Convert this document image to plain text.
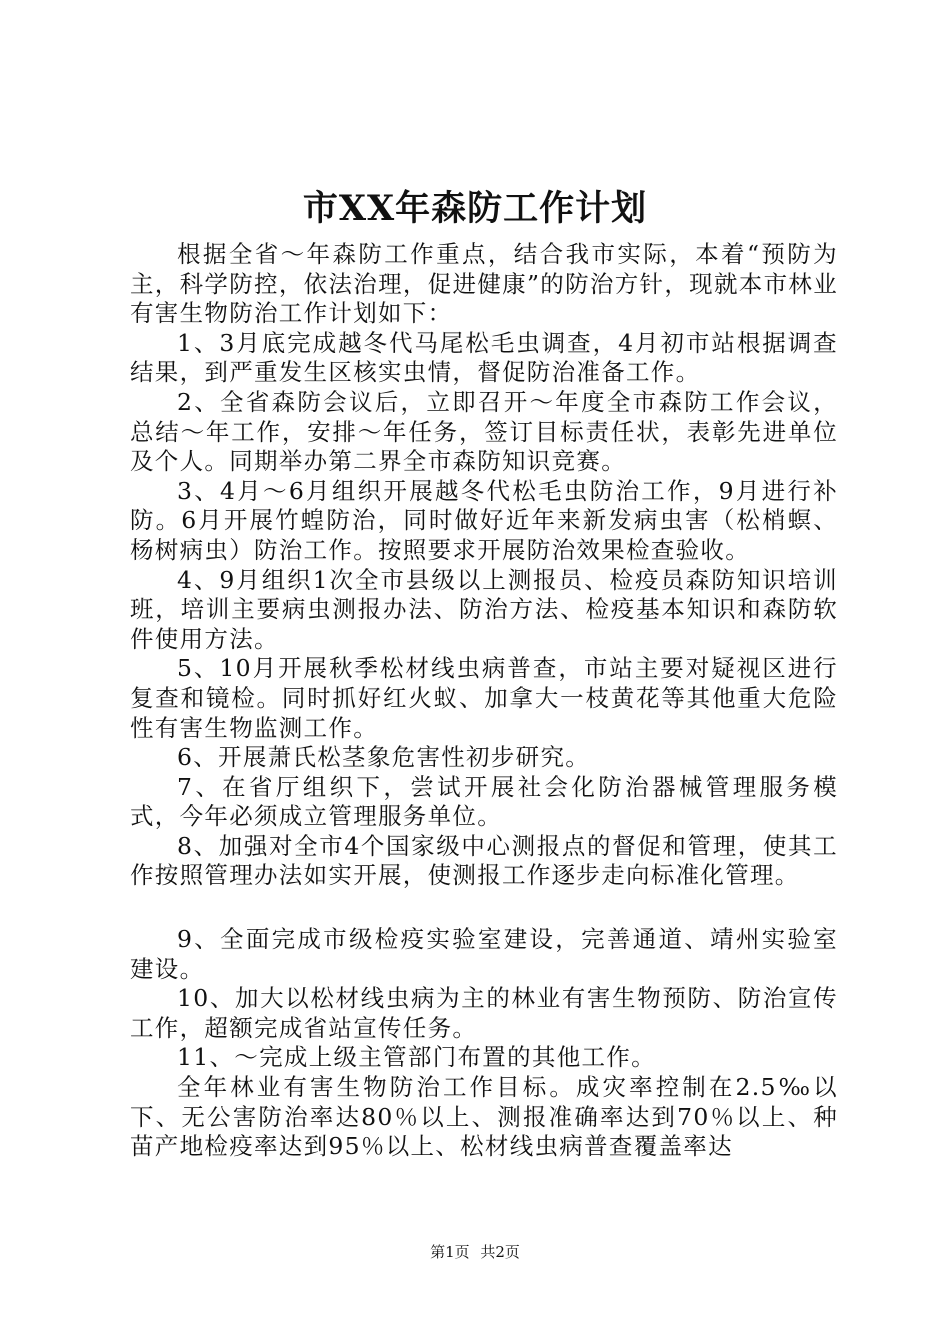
市XX年森防工作计划

根据全省～年森防工作重点，结合我市实际，本着“预防为主，科学防控，依法治理，促进健康”的防治方针，现就本市林业有害生物防治工作计划如下：

1、3月底完成越冬代马尾松毛虫调查，4月初市站根据调查结果，到严重发生区核实虫情，督促防治准备工作。

2、全省森防会议后，立即召开～年度全市森防工作会议，总结～年工作，安排～年任务，签订目标责任状，表彰先进单位及个人。同期举办第二界全市森防知识竞赛。

3、4月～6月组织开展越冬代松毛虫防治工作，9月进行补防。6月开展竹蝗防治，同时做好近年来新发病虫害（松梢螟、杨树病虫）防治工作。按照要求开展防治效果检查验收。

4、9月组织1次全市县级以上测报员、检疫员森防知识培训班，培训主要病虫测报办法、防治方法、检疫基本知识和森防软件使用方法。

5、10月开展秋季松材线虫病普查，市站主要对疑视区进行复查和镜检。同时抓好红火蚁、加拿大一枝黄花等其他重大危险性有害生物监测工作。

6、开展萧氏松茎象危害性初步研究。

7、在省厅组织下，尝试开展社会化防治器械管理服务模式，今年必须成立管理服务单位。

8、加强对全市4个国家级中心测报点的督促和管理，使其工作按照管理办法如实开展，使测报工作逐步走向标准化管理。

9、全面完成市级检疫实验室建设，完善通道、靖州实验室建设。

10、加大以松材线虫病为主的林业有害生物预防、防治宣传工作，超额完成省站宣传任务。

11、～完成上级主管部门布置的其他工作。

全年林业有害生物防治工作目标。成灾率控制在2.5‰以下、无公害防治率达80％以上、测报准确率达到70％以上、种苗产地检疫率达到95％以上、松材线虫病普查覆盖率达

第1页 共2页
